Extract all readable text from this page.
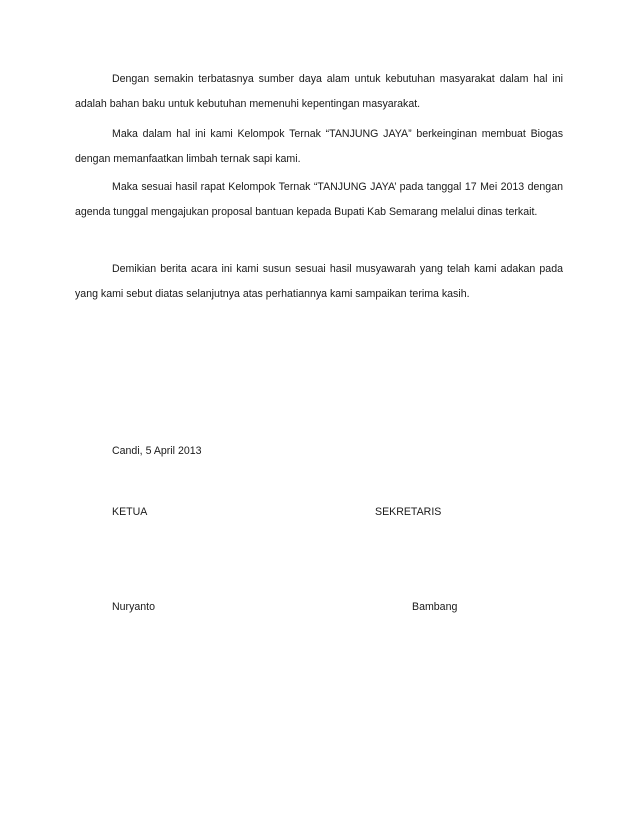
Dengan semakin terbatasnya sumber daya alam untuk kebutuhan masyarakat dalam hal ini
adalah bahan baku untuk kebutuhan memenuhi kepentingan masyarakat.

Maka dalam hal ini kami Kelompok Ternak “TANJUNG JAYA” berkeinginan membuat Biogas
dengan memanfaatkan limbah ternak sapi kami.

Maka sesuai hasil rapat Kelompok Ternak “TANJUNG JAYA’ pada tanggal 17 Mei 2013 dengan
agenda tunggal mengajukan proposal bantuan kepada Bupati Kab Semarang melalui dinas terkait.

Demikian berita acara ini kami susun sesuai hasil musyawarah yang telah kami adakan pada
yang kami sebut diatas selanjutnya atas perhatiannya kami sampaikan terima kasih.

Candi, 5 April 2013

KETUA	SEKRETARIS

Nuryanto	Bambang
